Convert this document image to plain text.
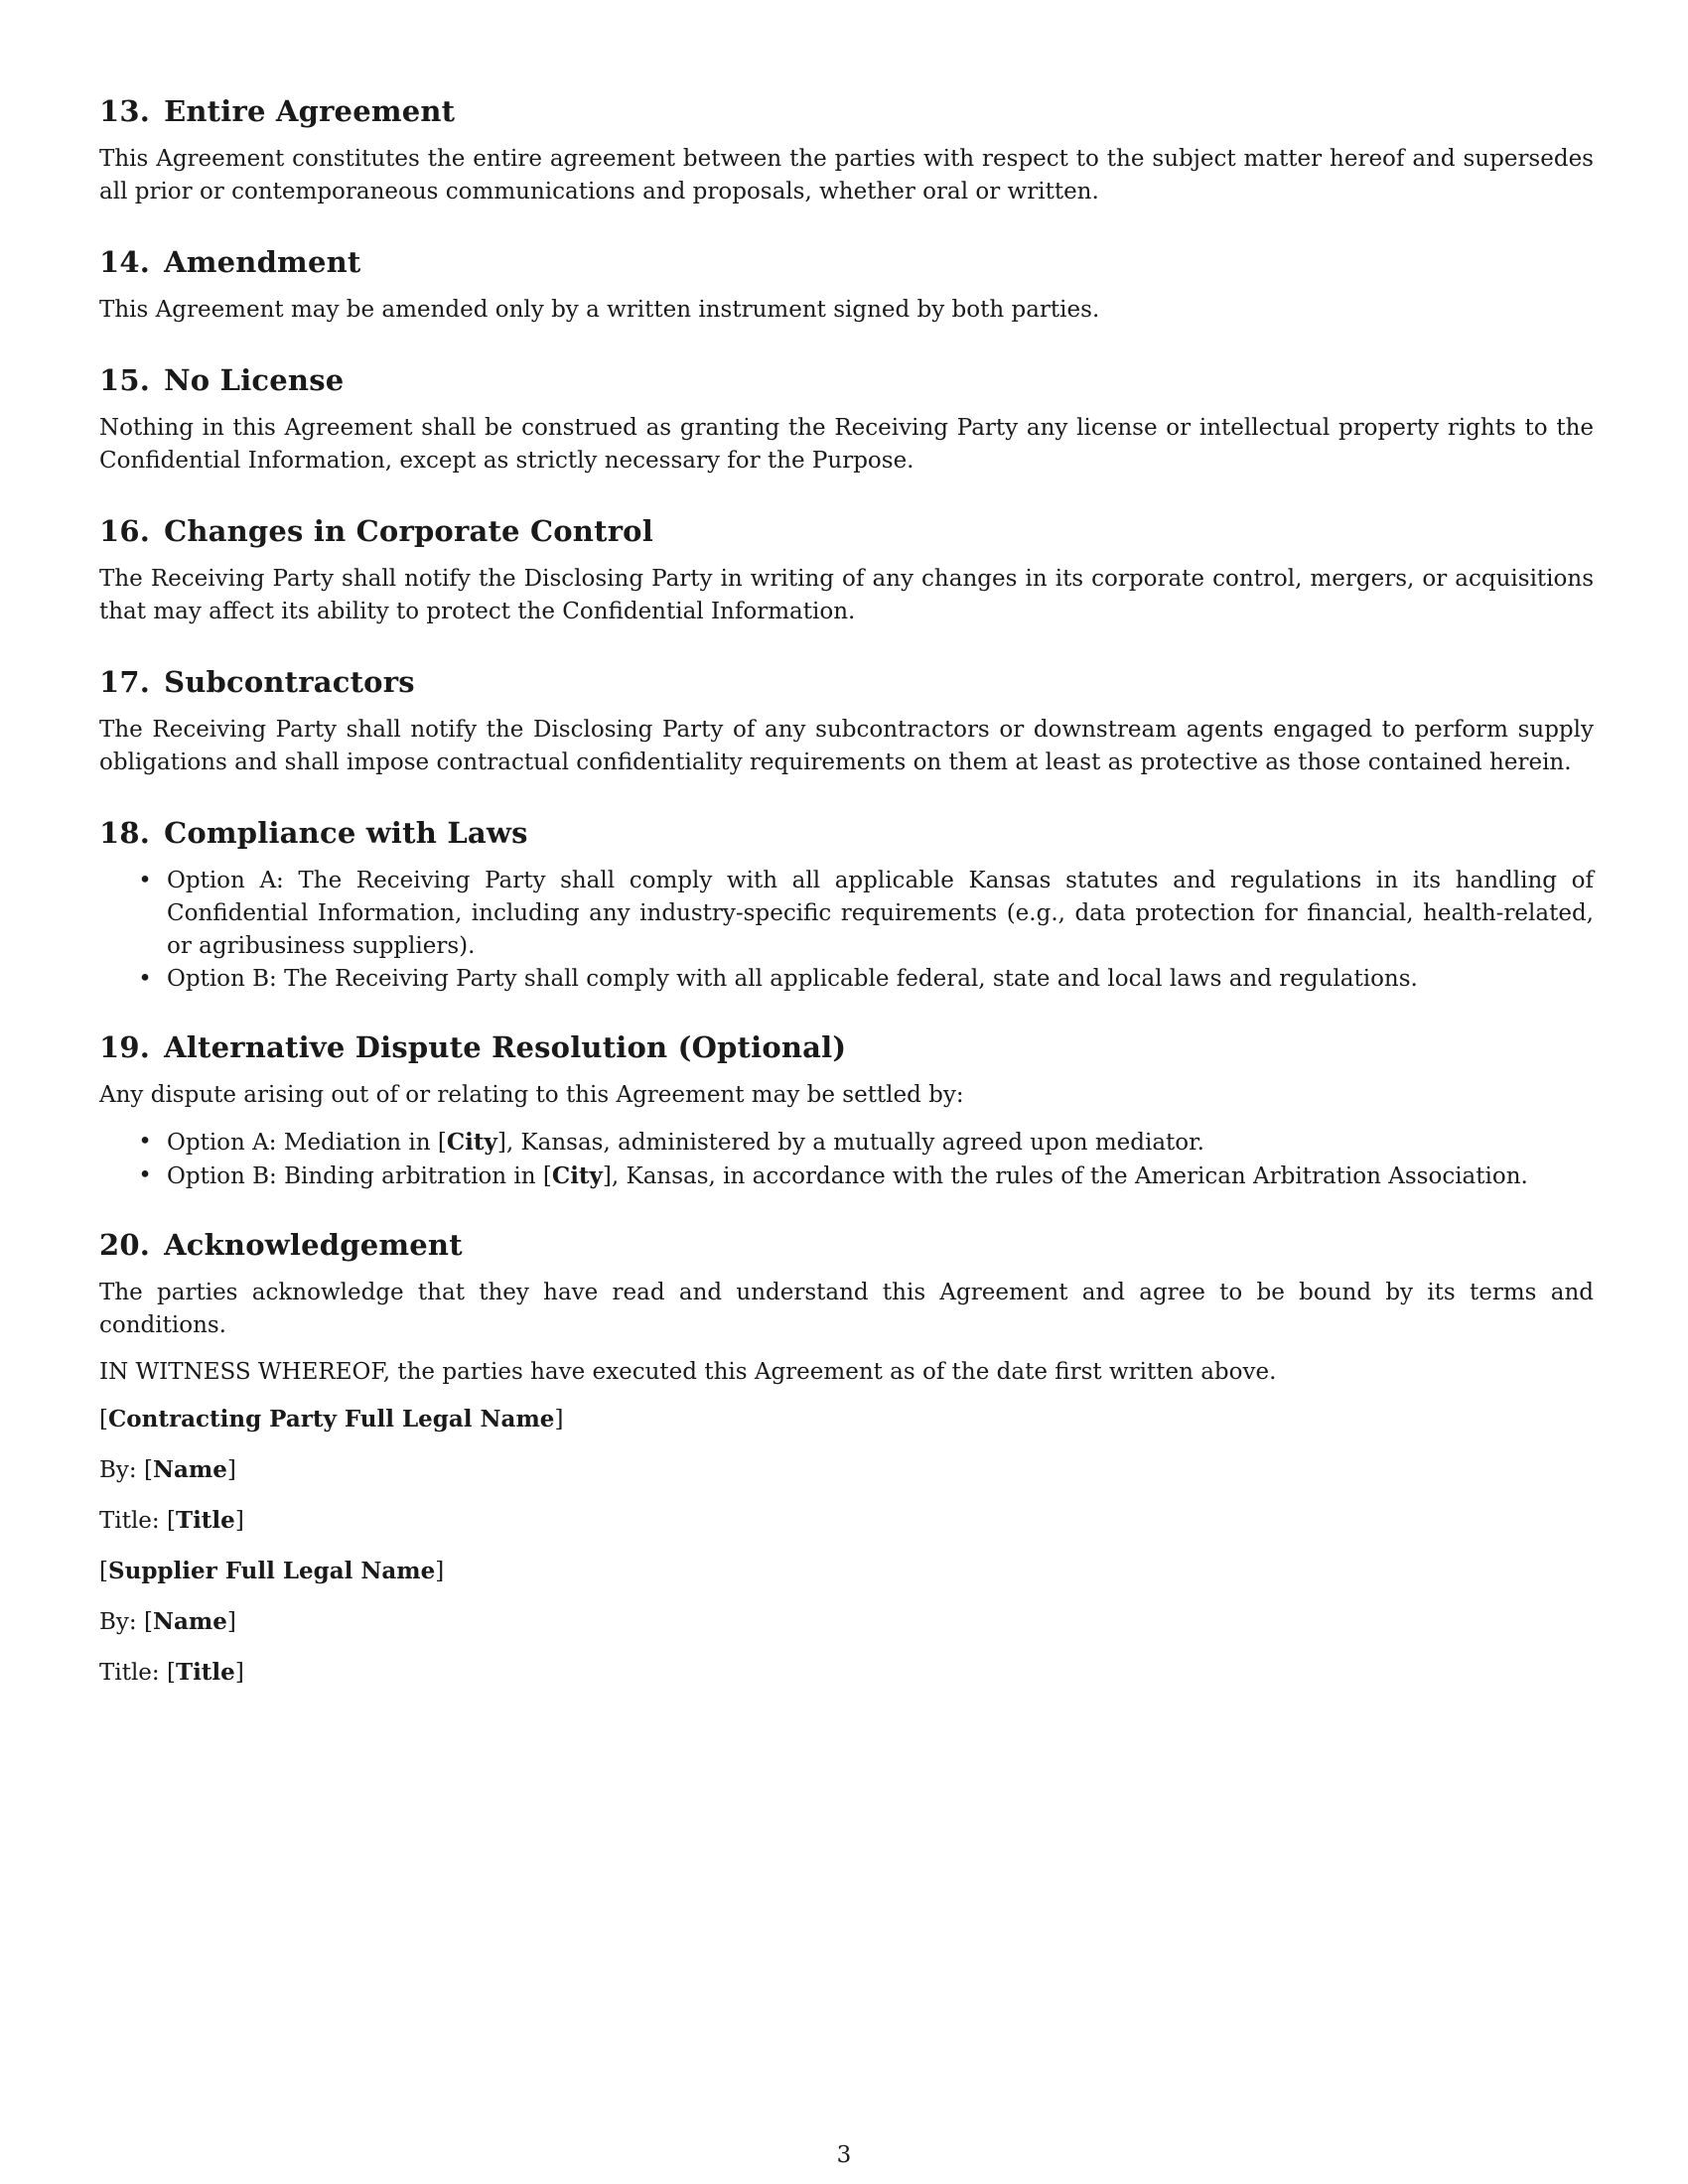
13. Entire Agreement

This Agreement constitutes the entire agreement between the parties with respect to the subject matter hereof and supersedes all prior or contemporaneous communications and proposals, whether oral or written.

14. Amendment

This Agreement may be amended only by a written instrument signed by both parties.

15. No License

Nothing in this Agreement shall be construed as granting the Receiving Party any license or intellectual property rights to the Confidential Information, except as strictly necessary for the Purpose.

16. Changes in Corporate Control

The Receiving Party shall notify the Disclosing Party in writing of any changes in its corporate control, mergers, or acquisitions that may affect its ability to protect the Confidential Information.

17. Subcontractors

The Receiving Party shall notify the Disclosing Party of any subcontractors or downstream agents engaged to perform supply obligations and shall impose contractual confidentiality requirements on them at least as protective as those contained herein.

18. Compliance with Laws
• Option A: The Receiving Party shall comply with all applicable Kansas statutes and regulations in its handling of Confidential Information, including any industry-specific requirements (e.g., data protection for financial, health-related, or agribusiness suppliers).
• Option B: The Receiving Party shall comply with all applicable federal, state and local laws and regulations.
19. Alternative Dispute Resolution (Optional)

Any dispute arising out of or relating to this Agreement may be settled by:

• Option A: Mediation in [City], Kansas, administered by a mutually agreed upon mediator.
• Option B: Binding arbitration in [City], Kansas, in accordance with the rules of the American Arbitration Association.
20. Acknowledgement

The parties acknowledge that they have read and understand this Agreement and agree to be bound by its terms and conditions.

IN WITNESS WHEREOF, the parties have executed this Agreement as of the date first written above.

[Contracting Party Full Legal Name]

By: [Name]

Title: [Title]

[Supplier Full Legal Name]

By: [Name]

Title: [Title]

3
